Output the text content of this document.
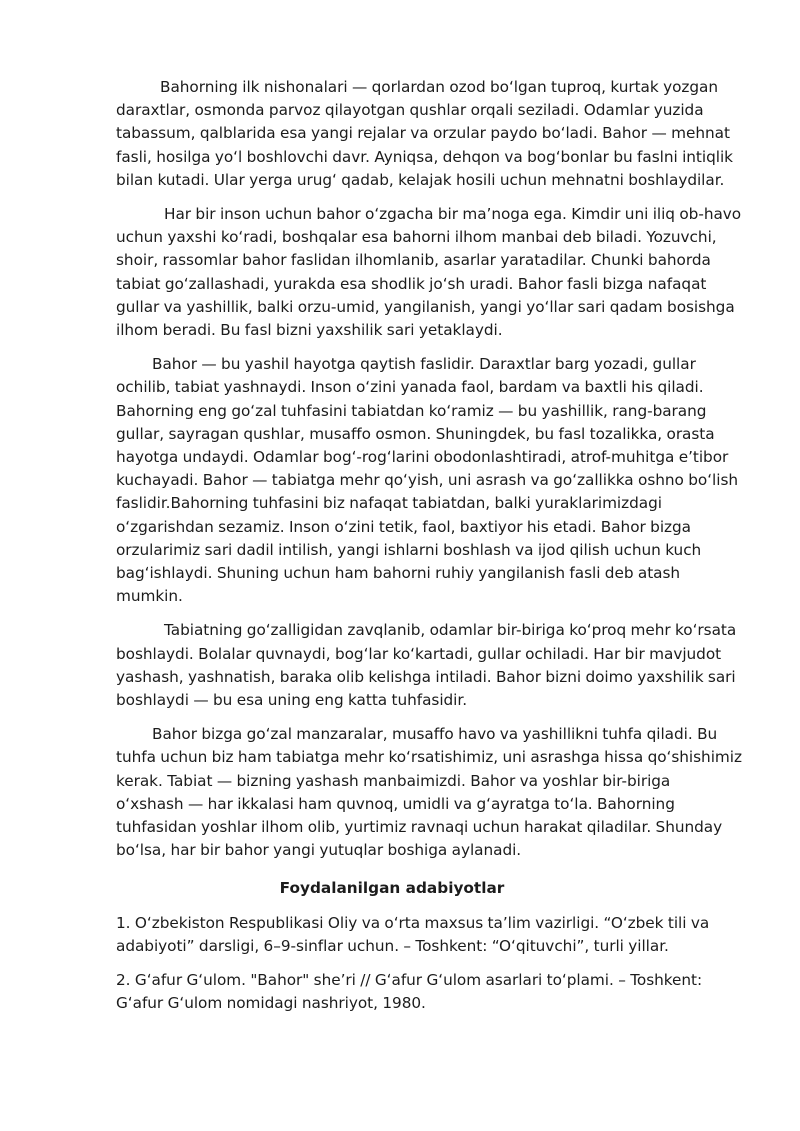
Bahorning ilk nishonalari — qorlardan ozod boʻlgan tuproq, kurtak yozgan daraxtlar, osmonda parvoz qilayotgan qushlar orqali seziladi. Odamlar yuzida tabassum, qalblarida esa yangi rejalar va orzular paydo boʻladi. Bahor — mehnat fasli, hosilga yoʻl boshlovchi davr. Ayniqsa, dehqon va bogʻbonlar bu faslni intiqlik bilan kutadi. Ular yerga urugʻ qadab, kelajak hosili uchun mehnatni boshlaydilar.

Har bir inson uchun bahor oʻzgacha bir maʼnoga ega. Kimdir uni iliq ob-havo uchun yaxshi koʻradi, boshqalar esa bahorni ilhom manbai deb biladi. Yozuvchi, shoir, rassomlar bahor faslidan ilhomlanib, asarlar yaratadilar. Chunki bahorda tabiat goʻzallashadi, yurakda esa shodlik joʻsh uradi. Bahor fasli bizga nafaqat gullar va yashillik, balki orzu-umid, yangilanish, yangi yoʻllar sari qadam bosishga ilhom beradi. Bu fasl bizni yaxshilik sari yetaklaydi.

Bahor — bu yashil hayotga qaytish faslidir. Daraxtlar barg yozadi, gullar ochilib, tabiat yashnaydi. Inson oʻzini yanada faol, bardam va baxtli his qiladi. Bahorning eng goʻzal tuhfasini tabiatdan koʻramiz — bu yashillik, rang-barang gullar, sayragan qushlar, musaffo osmon. Shuningdek, bu fasl tozalikka, orasta hayotga undaydi. Odamlar bogʻ-rogʻlarini obodonlashtiradi, atrof-muhitga eʼtibor kuchayadi. Bahor — tabiatga mehr qoʻyish, uni asrash va goʻzallikka oshno boʻlish faslidir.Bahorning tuhfasini biz nafaqat tabiatdan, balki yuraklarimizdagi oʻzgarishdan sezamiz. Inson oʻzini tetik, faol, baxtiyor his etadi. Bahor bizga orzularimiz sari dadil intilish, yangi ishlarni boshlash va ijod qilish uchun kuch bagʻishlaydi. Shuning uchun ham bahorni ruhiy yangilanish fasli deb atash mumkin.

Tabiatning goʻzalligidan zavqlanib, odamlar bir-biriga koʻproq mehr koʻrsata boshlaydi. Bolalar quvnaydi, bogʻlar koʻkartadi, gullar ochiladi. Har bir mavjudot yashash, yashnatish, baraka olib kelishga intiladi. Bahor bizni doimo yaxshilik sari boshlaydi — bu esa uning eng katta tuhfasidir.

Bahor bizga goʻzal manzaralar, musaffo havo va yashillikni tuhfa qiladi. Bu tuhfa uchun biz ham tabiatga mehr koʻrsatishimiz, uni asrashga hissa qoʻshishimiz kerak. Tabiat — bizning yashash manbaimizdi. Bahor va yoshlar bir-biriga oʻxshash — har ikkalasi ham quvnoq, umidli va gʻayratga toʻla. Bahorning tuhfasidan yoshlar ilhom olib, yurtimiz ravnaqi uchun harakat qiladilar. Shunday boʻlsa, har bir bahor yangi yutuqlar boshiga aylanadi.

Foydalanilgan adabiyotlar

1. Oʻzbekiston Respublikasi Oliy va oʻrta maxsus taʼlim vazirligi. “Oʻzbek tili va adabiyoti” darsligi, 6–9-sinflar uchun. – Toshkent: “Oʻqituvchi”, turli yillar.

2. Gʻafur Gʻulom. "Bahor" sheʼri // Gʻafur Gʻulom asarlari toʻplami. – Toshkent: Gʻafur Gʻulom nomidagi nashriyot, 1980.
